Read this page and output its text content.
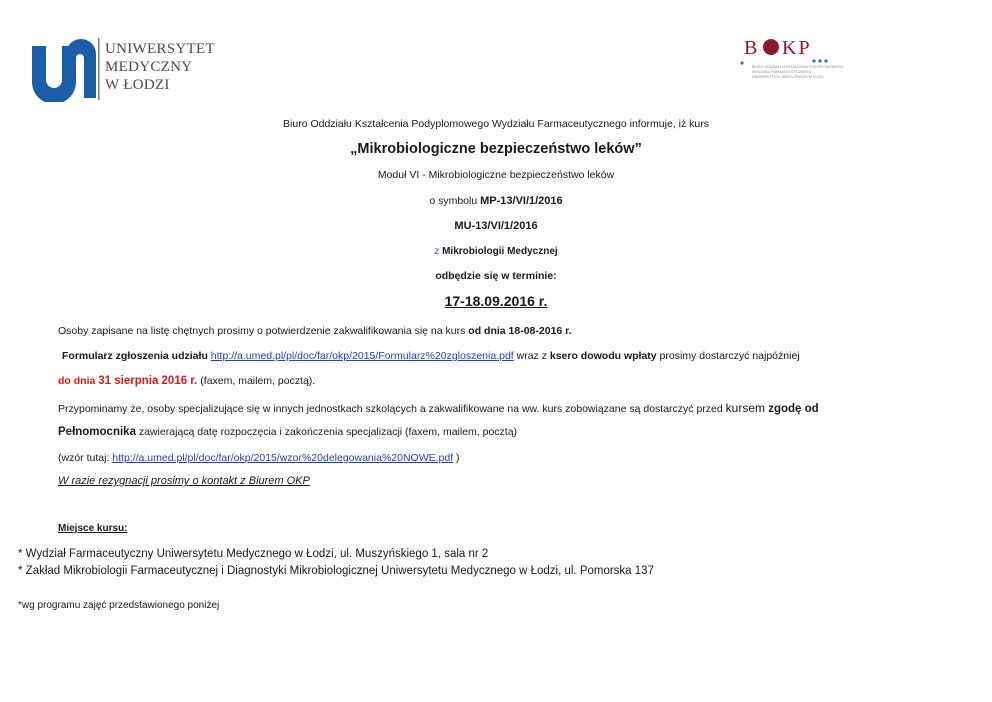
UNIWERSYTET
MEDYCZNY
W ŁODZI
B KP
BIURO ODDZIAŁU KSZTAŁCENIA PODYPLOMOWEGO
WYDZIAŁU FARMACEUTYCZNEGO
UNIWERSYTETU MEDYCZNEGO W ŁODZI
Biuro Oddziału Kształcenia Podyplomowego Wydziału Farmaceutycznego informuje, iż kurs
„Mikrobiologiczne bezpieczeństwo leków”
Moduł VI - Mikrobiologiczne bezpieczeństwo leków
o symbolu MP-13/VI/1/2016
MU-13/VI/1/2016
z Mikrobiologii Medycznej
odbędzie się w terminie:
17-18.09.2016 r.
Osoby zapisane na listę chętnych prosimy o potwierdzenie zakwalifikowania się na kurs od dnia 18-08-2016 r.
Formularz zgłoszenia udziału http://a.umed.pl/pl/doc/far/okp/2015/Formularz%20zgloszenia.pdf wraz z ksero dowodu wpłaty prosimy dostarczyć najpóźniej
do dnia 31 sierpnia 2016 r. (faxem, mailem, pocztą).
Przypominamy że, osoby specjalizujące się w innych jednostkach szkolących a zakwalifikowane na ww. kurs zobowiązane są dostarczyć przed kursem zgodę od
Pełnomocnika zawierającą datę rozpoczęcia i zakończenia specjalizacji (faxem, mailem, pocztą)
(wzór tutaj: http://a.umed.pl/pl/doc/far/okp/2015/wzor%20delegowania%20NOWE.pdf )
W razie rezygnacji prosimy o kontakt z Biurem OKP
Miejsce kursu:
* Wydział Farmaceutyczny Uniwersytetu Medycznego w Łodzi, ul. Muszyńskiego 1, sala nr 2
* Zakład Mikrobiologii Farmaceutycznej i Diagnostyki Mikrobiologicznej Uniwersytetu Medycznego w Łodzi, ul. Pomorska 137
*wg programu zajęć przedstawionego poniżej
